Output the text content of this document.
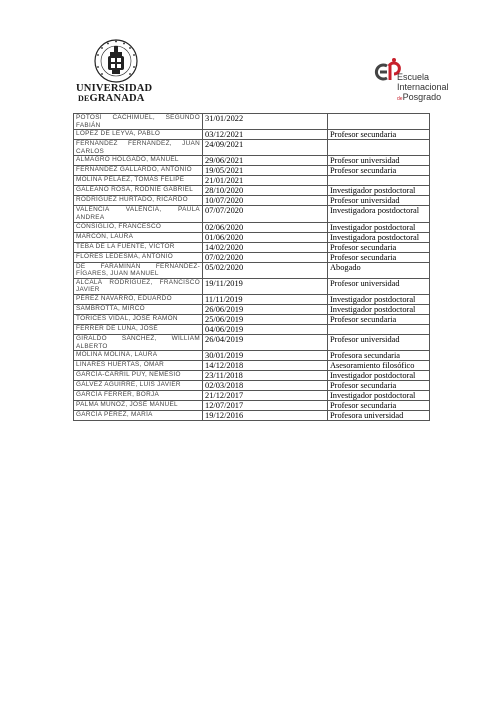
UNIVERSIDAD
DEGRANADA
Escuela
Internacional
dePosgrado
POTOSÍ CACHIMUEL, SEGUNDO FABIÁN	31/01/2022	
LÓPEZ DE LEYVA, PABLO	03/12/2021	Profesor secundaria
FERNÁNDEZ FERNÁNDEZ, JUAN CARLOS	24/09/2021	
ALMAGRO HOLGADO, MANUEL	29/06/2021	Profesor universidad
FERNÁNDEZ GALLARDO, ANTONIO	19/05/2021	Profesor secundaria
MOLINA PELÁEZ, TOMÁS FELIPE	21/01/2021	
GALEANO ROSA, RODNIE GABRIEL	28/10/2020	Investigador postdoctoral
RODRÍGUEZ HURTADO, RICARDO	10/07/2020	Profesor universidad
VALENCIA VALENCIA, PAULA ANDREA	07/07/2020	Investigadora postdoctoral
CONSIGLIO, FRANCESCO	02/06/2020	Investigador postdoctoral
MARCÓN, LAURA	01/06/2020	Investigadora postdoctoral
TEBA DE LA FUENTE, VÍCTOR	14/02/2020	Profesor secundaria
FLORES LEDESMA, ANTONIO	07/02/2020	Profesor secundaria
DE FARAMIÑÁN FERNÁNDEZ-FÍGARES, JUAN MANUEL	05/02/2020	Abogado
ALCALÁ RODRÍGUEZ, FRANCISCO JAVIER	19/11/2019	Profesor universidad
PÉREZ NAVARRO, EDUARDO	11/11/2019	Investigador postdoctoral
SAMBROTTA, MIRCO	26/06/2019	Investigador postdoctoral
TORICES VIDAL, JOSÉ RAMÓN	25/06/2019	Profesor secundaria
FERRER DE LUNA, JOSÉ	04/06/2019	
GIRALDO SÁNCHEZ, WILLIAM ALBERTO	26/04/2019	Profesor universidad
MOLINA MOLINA, LAURA	30/01/2019	Profesora secundaria
LINARES HUERTAS, OMAR	14/12/2018	Asesoramiento filosófico
GARCÍA-CARRIL PUY, NEMESIO	23/11/2018	Investigador postdoctoral
GÁLVEZ AGUIRRE, LUIS JAVIER	02/03/2018	Profesor secundaria
GARCÍA FERRER, BORJA	21/12/2017	Investigador postdoctoral
PALMA MUÑOZ, JOSÉ MANUEL	12/07/2017	Profesor secundaria
GARCÍA PÉREZ, MARÍA	19/12/2016	Profesora universidad
